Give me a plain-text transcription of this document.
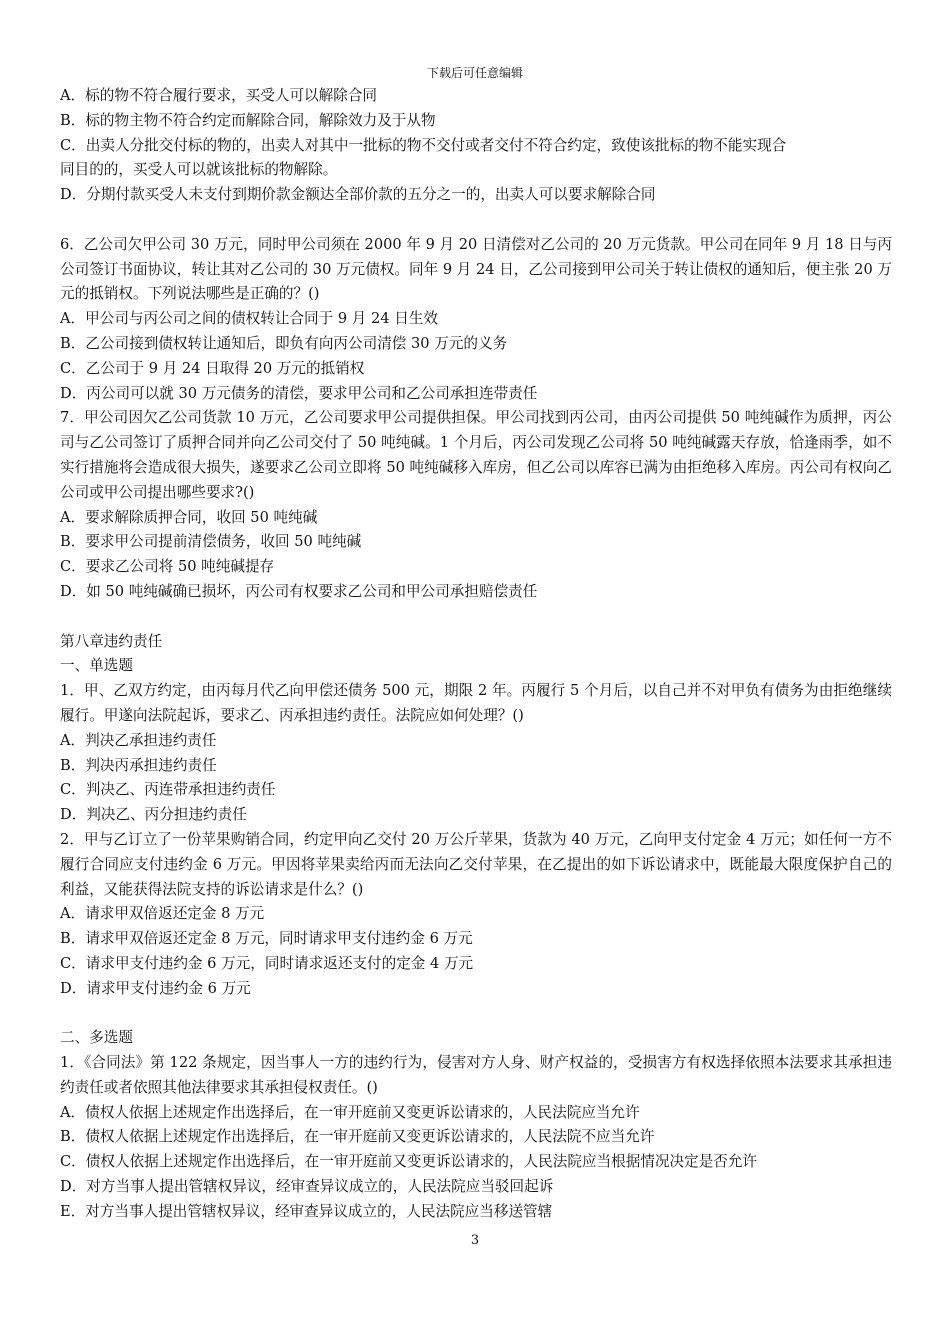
下载后可任意编辑

A．标的物不符合履行要求，买受人可以解除合同

B．标的物主物不符合约定而解除合同，解除效力及于从物

C．出卖人分批交付标的物的，出卖人对其中一批标的物不交付或者交付不符合约定，致使该批标的物不能实现合

同目的的，买受人可以就该批标的物解除。

D．分期付款买受人未支付到期价款金额达全部价款的五分之一的，出卖人可以要求解除合同

6．乙公司欠甲公司 30 万元，同时甲公司须在 2000 年 9 月 20 日清偿对乙公司的 20 万元货款。甲公司在同年 9 月 18 日与丙公司签订书面协议，转让其对乙公司的 30 万元债权。同年 9 月 24 日，乙公司接到甲公司关于转让债权的通知后，便主张 20 万元的抵销权。下列说法哪些是正确的？()

A．甲公司与丙公司之间的债权转让合同于 9 月 24 日生效

B．乙公司接到债权转让通知后，即负有向丙公司清偿 30 万元的义务

C．乙公司于 9 月 24 日取得 20 万元的抵销权

D．丙公司可以就 30 万元债务的清偿，要求甲公司和乙公司承担连带责任

7．甲公司因欠乙公司货款 10 万元，乙公司要求甲公司提供担保。甲公司找到丙公司，由丙公司提供 50 吨纯碱作为质押，丙公司与乙公司签订了质押合同并向乙公司交付了 50 吨纯碱。1 个月后，丙公司发现乙公司将 50 吨纯碱露天存放，恰逢雨季，如不实行措施将会造成很大损失，遂要求乙公司立即将 50 吨纯碱移入库房，但乙公司以库容已满为由拒绝移入库房。丙公司有权向乙公司或甲公司提出哪些要求?()

A．要求解除质押合同，收回 50 吨纯碱

B．要求甲公司提前清偿债务，收回 50 吨纯碱

C．要求乙公司将 50 吨纯碱提存

D．如 50 吨纯碱确已损坏，丙公司有权要求乙公司和甲公司承担赔偿责任

第八章违约责任

一、单选题

1．甲、乙双方约定，由丙每月代乙向甲偿还债务 500 元，期限 2 年。丙履行 5 个月后，以自己并不对甲负有债务为由拒绝继续履行。甲遂向法院起诉，要求乙、丙承担违约责任。法院应如何处理？()

A．判决乙承担违约责任

B．判决丙承担违约责任

C．判决乙、丙连带承担违约责任

D．判决乙、丙分担违约责任

2．甲与乙订立了一份苹果购销合同，约定甲向乙交付 20 万公斤苹果，货款为 40 万元，乙向甲支付定金 4 万元；如任何一方不履行合同应支付违约金 6 万元。甲因将苹果卖给丙而无法向乙交付苹果，在乙提出的如下诉讼请求中，既能最大限度保护自己的利益，又能获得法院支持的诉讼请求是什么？()

A．请求甲双倍返还定金 8 万元

B．请求甲双倍返还定金 8 万元，同时请求甲支付违约金 6 万元

C．请求甲支付违约金 6 万元，同时请求返还支付的定金 4 万元

D．请求甲支付违约金 6 万元

二、多选题

1．《合同法》第 122 条规定，因当事人一方的违约行为，侵害对方人身、财产权益的，受损害方有权选择依照本法要求其承担违约责任或者依照其他法律要求其承担侵权责任。()

A．债权人依据上述规定作出选择后，在一审开庭前又变更诉讼请求的，人民法院应当允许

B．债权人依据上述规定作出选择后，在一审开庭前又变更诉讼请求的，人民法院不应当允许

C．债权人依据上述规定作出选择后，在一审开庭前又变更诉讼请求的，人民法院应当根据情况决定是否允许

D．对方当事人提出管辖权异议，经审查异议成立的，人民法院应当驳回起诉

E．对方当事人提出管辖权异议，经审查异议成立的，人民法院应当移送管辖

3
